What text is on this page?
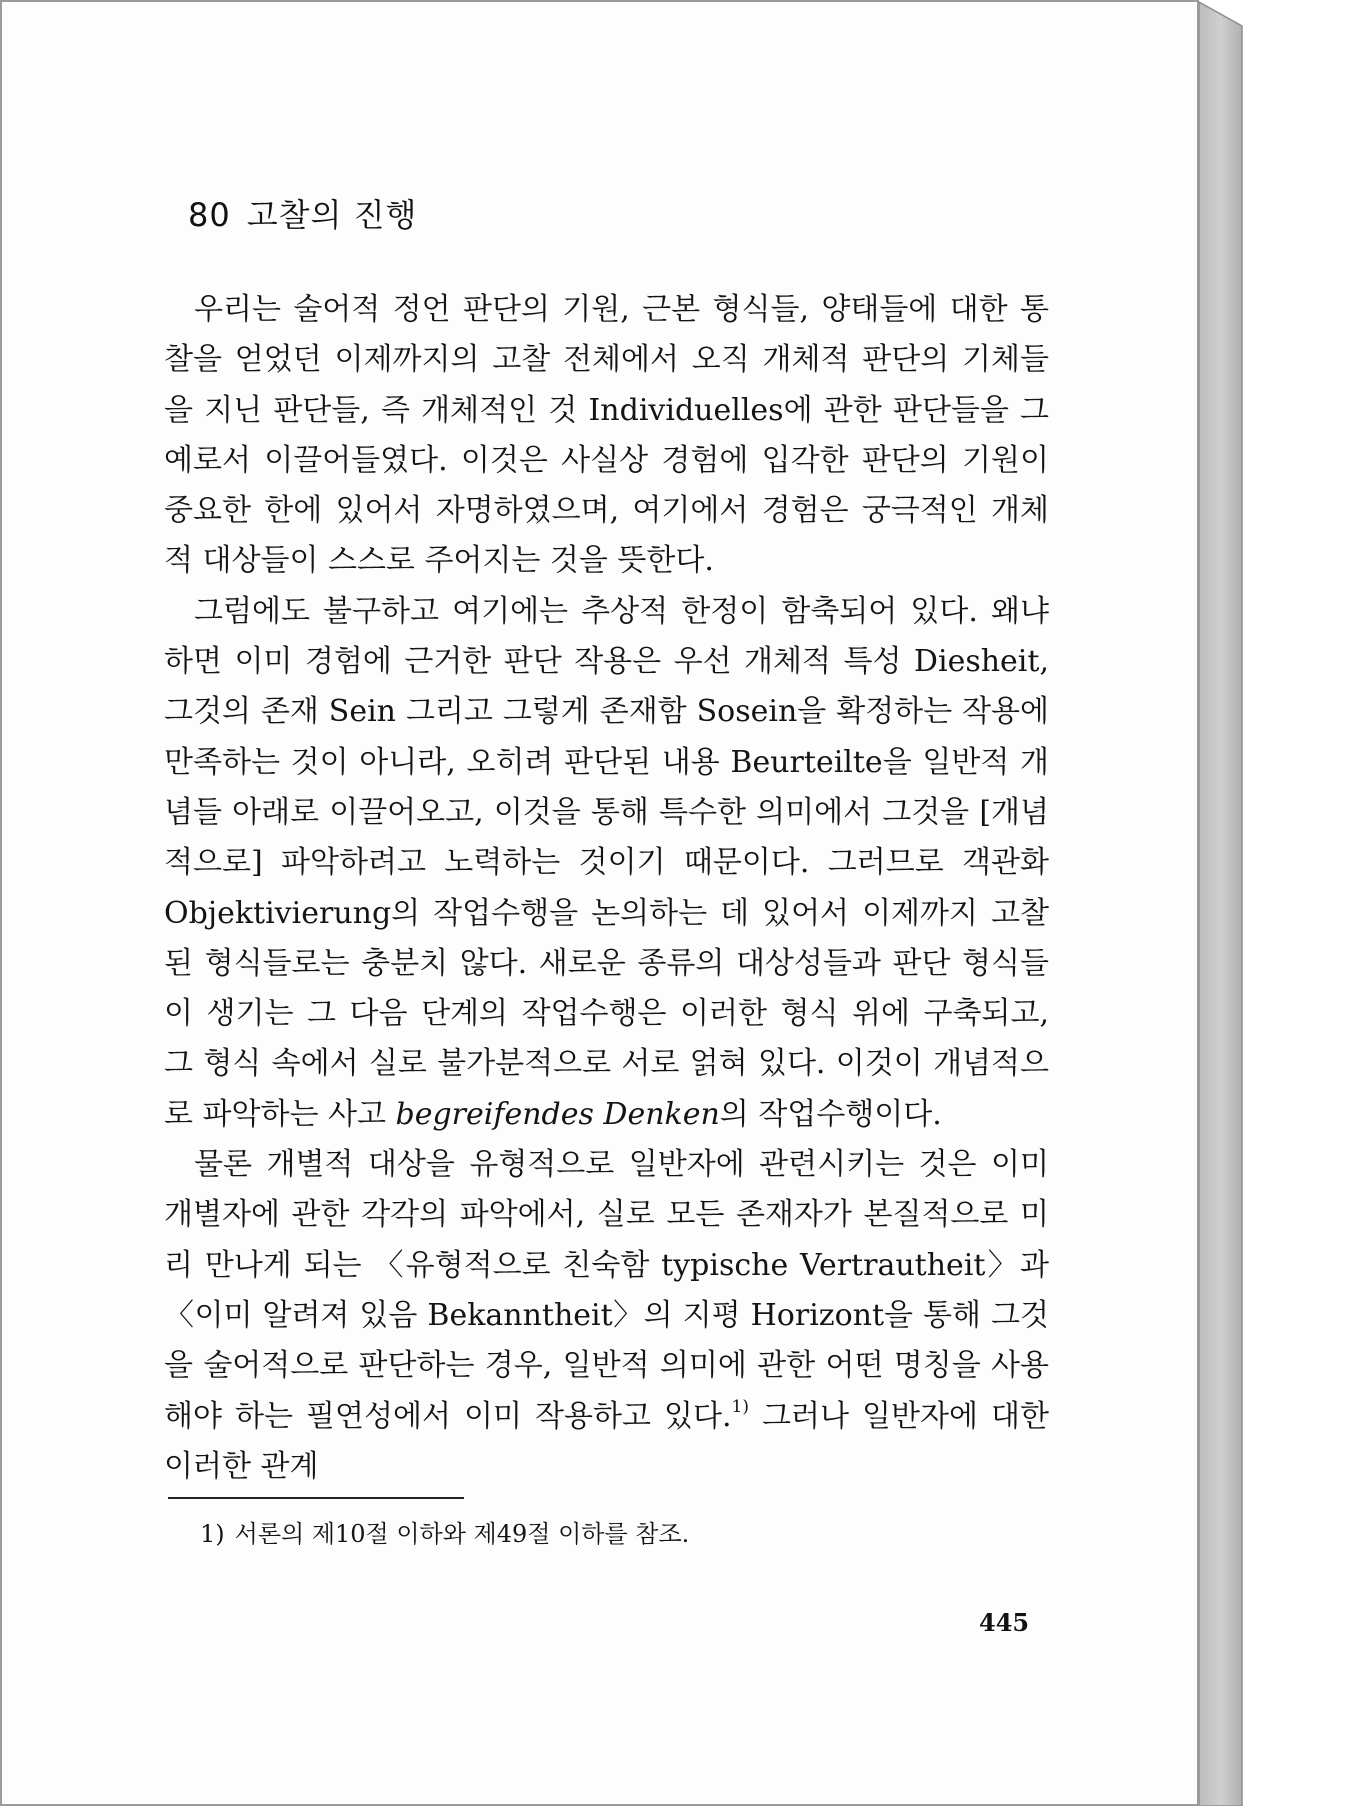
80 고찰의 진행

우리는 술어적 정언 판단의 기원, 근본 형식들, 양태들에 대한 통찰을 얻었던 이제까지의 고찰 전체에서 오직 개체적 판단의 기체들을 지닌 판단들, 즉 개체적인 것 Individuelles에 관한 판단들을 그 예로서 이끌어들였다. 이것은 사실상 경험에 입각한 판단의 기원이 중요한 한에 있어서 자명하였으며, 여기에서 경험은 궁극적인 개체적 대상들이 스스로 주어지는 것을 뜻한다.

그럼에도 불구하고 여기에는 추상적 한정이 함축되어 있다. 왜냐하면 이미 경험에 근거한 판단 작용은 우선 개체적 특성 Diesheit, 그것의 존재 Sein 그리고 그렇게 존재함 Sosein을 확정하는 작용에 만족하는 것이 아니라, 오히려 판단된 내용 Beurteilte을 일반적 개념들 아래로 이끌어오고, 이것을 통해 특수한 의미에서 그것을 [개념적으로] 파악하려고 노력하는 것이기 때문이다. 그러므로 객관화 Objektivierung의 작업수행을 논의하는 데 있어서 이제까지 고찰된 형식들로는 충분치 않다. 새로운 종류의 대상성들과 판단 형식들이 생기는 그 다음 단계의 작업수행은 이러한 형식 위에 구축되고, 그 형식 속에서 실로 불가분적으로 서로 얽혀 있다. 이것이 개념적으로 파악하는 사고 begreifendes Denken의 작업수행이다.

물론 개별적 대상을 유형적으로 일반자에 관련시키는 것은 이미 개별자에 관한 각각의 파악에서, 실로 모든 존재자가 본질적으로 미리 만나게 되는 〈유형적으로 친숙함 typische Vertrautheit〉과 〈이미 알려져 있음 Bekanntheit〉의 지평 Horizont을 통해 그것을 술어적으로 판단하는 경우, 일반적 의미에 관한 어떤 명칭을 사용해야 하는 필연성에서 이미 작용하고 있다.$^{1)}$ 그러나 일반자에 대한 이러한 관계

1) 서론의 제10절 이하와 제49절 이하를 참조.
445
